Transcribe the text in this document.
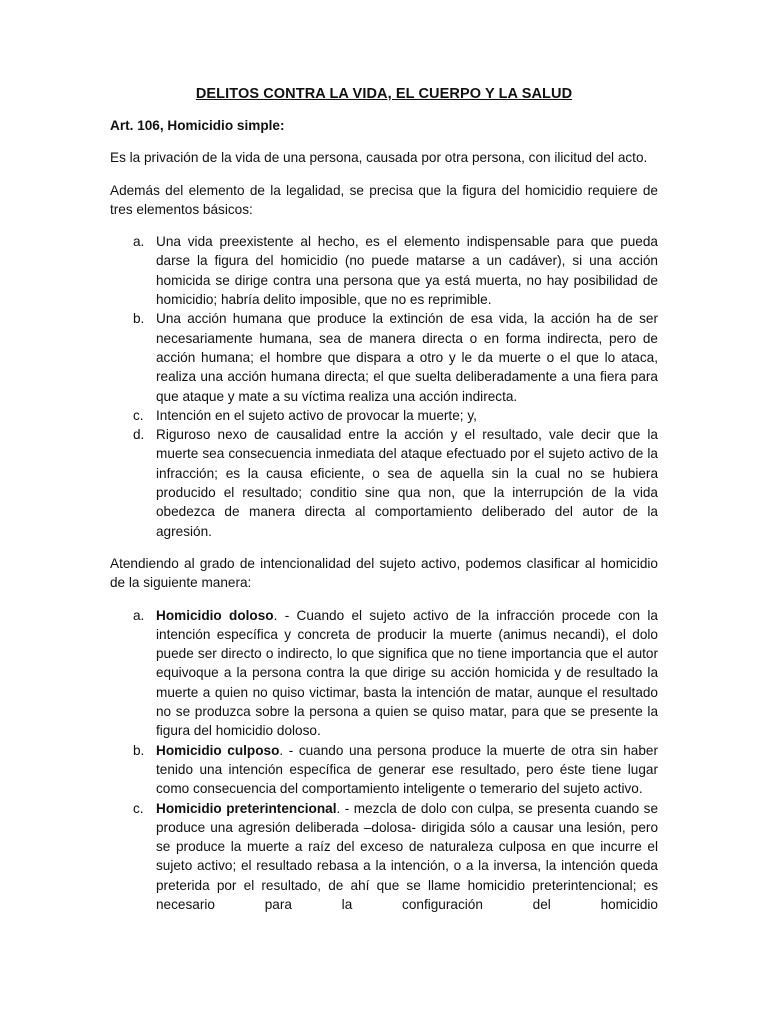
DELITOS CONTRA LA VIDA, EL CUERPO Y LA SALUD
Art. 106, Homicidio simple:
Es la privación de la vida de una persona, causada por otra persona, con ilicitud del acto.
Además del elemento de la legalidad, se precisa que la figura del homicidio requiere de tres elementos básicos:
a. Una vida preexistente al hecho, es el elemento indispensable para que pueda darse la figura del homicidio (no puede matarse a un cadáver), si una acción homicida se dirige contra una persona que ya está muerta, no hay posibilidad de homicidio; habría delito imposible, que no es reprimible.
b. Una acción humana que produce la extinción de esa vida, la acción ha de ser necesariamente humana, sea de manera directa o en forma indirecta, pero de acción humana; el hombre que dispara a otro y le da muerte o el que lo ataca, realiza una acción humana directa; el que suelta deliberadamente a una fiera para que ataque y mate a su víctima realiza una acción indirecta.
c. Intención en el sujeto activo de provocar la muerte; y,
d. Riguroso nexo de causalidad entre la acción y el resultado, vale decir que la muerte sea consecuencia inmediata del ataque efectuado por el sujeto activo de la infracción; es la causa eficiente, o sea de aquella sin la cual no se hubiera producido el resultado; conditio sine qua non, que la interrupción de la vida obedezca de manera directa al comportamiento deliberado del autor de la agresión.
Atendiendo al grado de intencionalidad del sujeto activo, podemos clasificar al homicidio de la siguiente manera:
a. Homicidio doloso. - Cuando el sujeto activo de la infracción procede con la intención específica y concreta de producir la muerte (animus necandi), el dolo puede ser directo o indirecto, lo que significa que no tiene importancia que el autor equivoque a la persona contra la que dirige su acción homicida y de resultado la muerte a quien no quiso victimar, basta la intención de matar, aunque el resultado no se produzca sobre la persona a quien se quiso matar, para que se presente la figura del homicidio doloso.
b. Homicidio culposo. - cuando una persona produce la muerte de otra sin haber tenido una intención específica de generar ese resultado, pero éste tiene lugar como consecuencia del comportamiento inteligente o temerario del sujeto activo.
c. Homicidio preterintencional. - mezcla de dolo con culpa, se presenta cuando se produce una agresión deliberada –dolosa- dirigida sólo a causar una lesión, pero se produce la muerte a raíz del exceso de naturaleza culposa en que incurre el sujeto activo; el resultado rebasa a la intención, o a la inversa, la intención queda preterida por el resultado, de ahí que se llame homicidio preterintencional; es necesario para la configuración del homicidio
